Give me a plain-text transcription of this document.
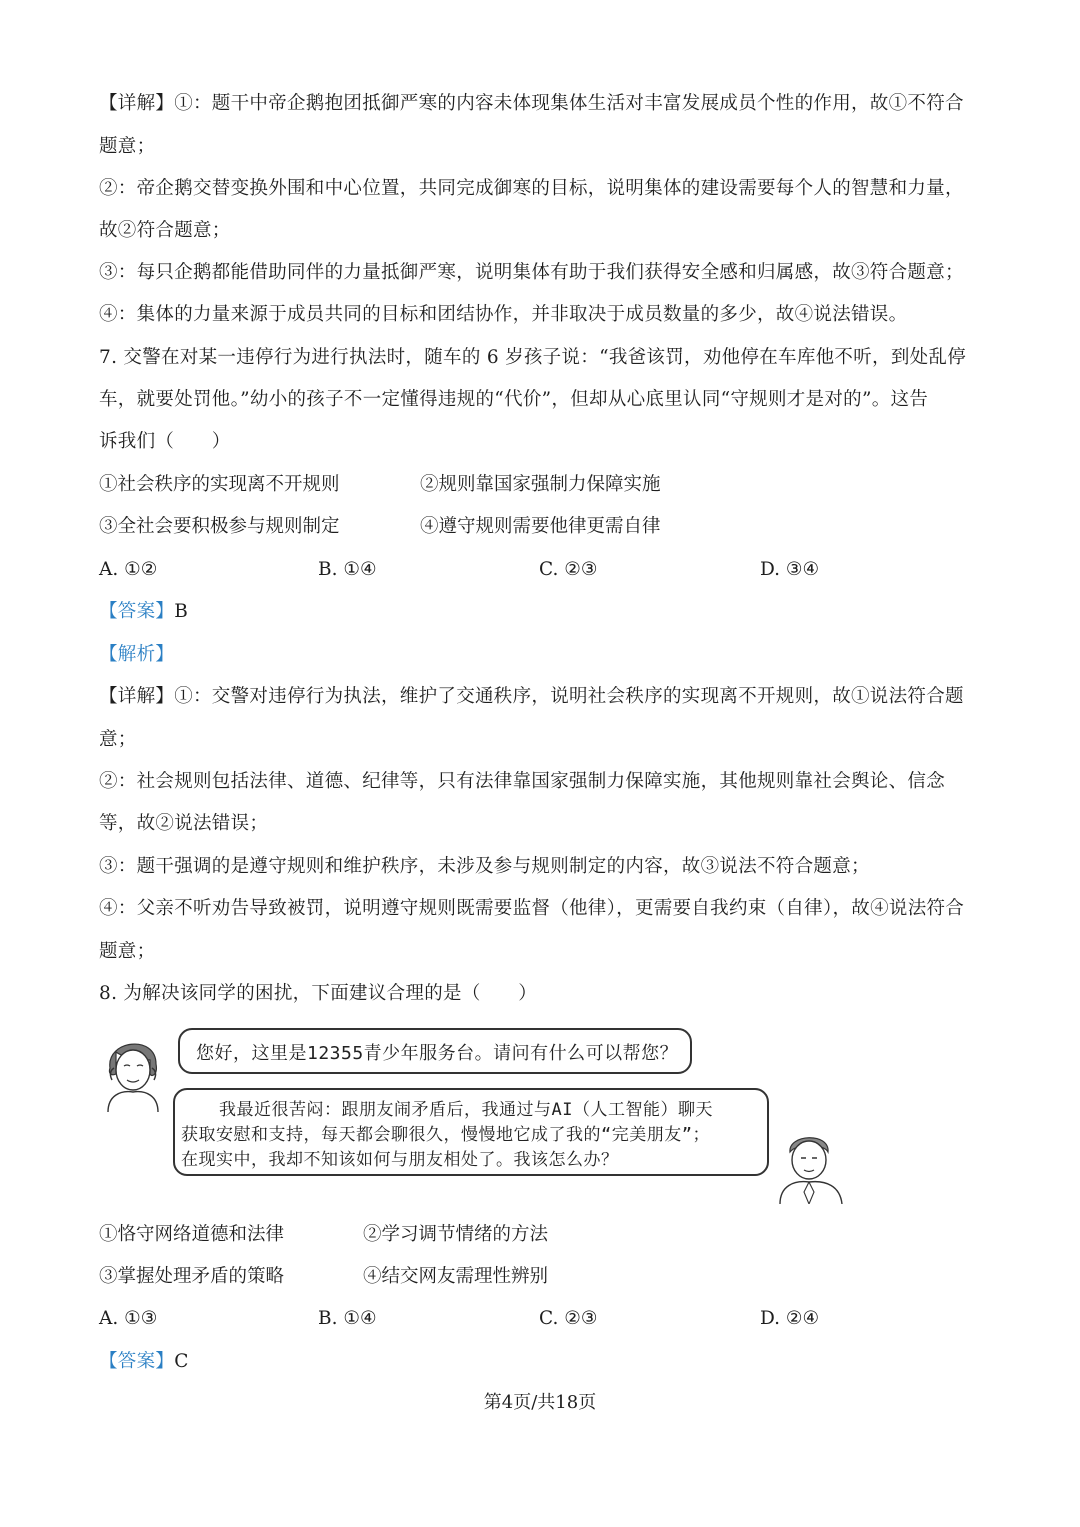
【详解】①：题干中帝企鹅抱团抵御严寒的内容未体现集体生活对丰富发展成员个性的作用，故①不符合
题意；
②：帝企鹅交替变换外围和中心位置，共同完成御寒的目标，说明集体的建设需要每个人的智慧和力量，
故②符合题意；
③：每只企鹅都能借助同伴的力量抵御严寒，说明集体有助于我们获得安全感和归属感，故③符合题意；
④：集体的力量来源于成员共同的目标和团结协作，并非取决于成员数量的多少，故④说法错误。
7. 交警在对某一违停行为进行执法时，随车的 6 岁孩子说：“我爸该罚，劝他停在车库他不听，到处乱停
车，就要处罚他。”幼小的孩子不一定懂得违规的“代价”，但却从心底里认同“守规则才是对的”。这告
诉我们（　　）
①社会秩序的实现离不开规则	②规则靠国家强制力保障实施
③全社会要积极参与规则制定	④遵守规则需要他律更需自律
A. ①②	B. ①④	C. ②③	D. ③④
【答案】B
【解析】
【详解】①：交警对违停行为执法，维护了交通秩序，说明社会秩序的实现离不开规则，故①说法符合题
意；
②：社会规则包括法律、道德、纪律等，只有法律靠国家强制力保障实施，其他规则靠社会舆论、信念
等，故②说法错误；
③：题干强调的是遵守规则和维护秩序，未涉及参与规则制定的内容，故③说法不符合题意；
④：父亲不听劝告导致被罚，说明遵守规则既需要监督（他律），更需要自我约束（自律），故④说法符合
题意；
8. 为解决该同学的困扰，下面建议合理的是（　　）
您好，这里是12355青少年服务台。请问有什么可以帮您？
我最近很苦闷：跟朋友闹矛盾后，我通过与AI（人工智能）聊天
获取安慰和支持，每天都会聊很久，慢慢地它成了我的“完美朋友”；
在现实中，我却不知该如何与朋友相处了。我该怎么办？
①恪守网络道德和法律	②学习调节情绪的方法
③掌握处理矛盾的策略	④结交网友需理性辨别
A. ①③	B. ①④	C. ②③	D. ②④
【答案】C
第4页/共18页
